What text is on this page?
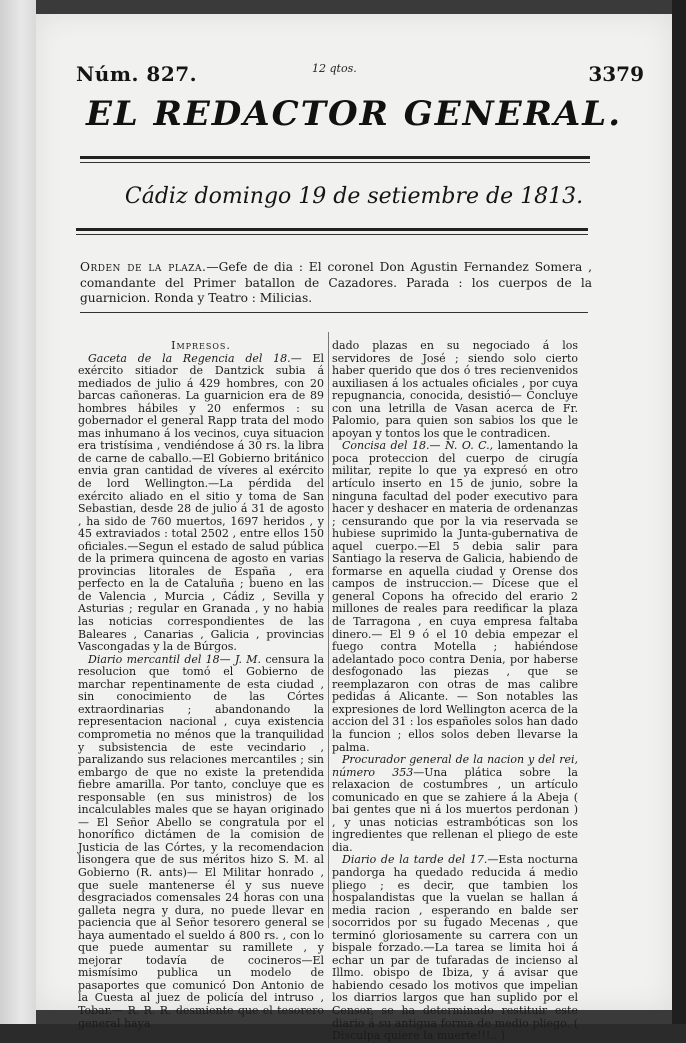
Núm. 827.	12 qtos.	3379
EL REDACTOR GENERAL.
Cádiz domingo 19 de setiembre de 1813.
Orden de la plaza.—Gefe de dia : El coronel Don Agustin Fernandez Somera , comandante del Primer batallon de Cazadores. Parada : los cuerpos de la guarnicion. Ronda y Teatro : Milicias.

Impresos.

Gaceta de la Regencia del 18.— El exército sitiador de Dantzick subia á mediados de julio á 429 hombres, con 20 barcas cañoneras. La guarnicion era de 89 hombres hábiles y 20 enfermos : su gobernador el general Rapp trata del modo mas inhumano á los vecinos, cuya situacion era tristísima , vendiéndose á 30 rs. la libra de carne de caballo.—El Gobierno británico envia gran cantidad de víveres al exército de lord Wellington.—La pérdida del exército aliado en el sitio y toma de San Sebastian, desde 28 de julio á 31 de agosto , ha sido de 760 muertos, 1697 heridos , y 45 extraviados : total 2502 , entre ellos 150 oficiales.—Segun el estado de salud pública de la primera quincena de agosto en varias provincias litorales de España , era perfecto en la de Cataluña ; bueno en las de Valencia , Murcia , Cádiz , Sevilla y Asturias ; regular en Granada , y no habia las noticias correspondientes de las Baleares , Canarias , Galicia , provincias Vascongadas y la de Búrgos.

Diario mercantil del 18— J. M. censura la resolucion que tomó el Gobierno de marchar repentinamente de esta ciudad , sin conocimiento de las Córtes extraordinarias ; abandonando la representacion nacional , cuya existencia comprometia no ménos que la tranquilidad y subsistencia de este vecindario , paralizando sus relaciones mercantiles ; sin embargo de que no existe la pretendida fiebre amarilla. Por tanto, concluye que es responsable (en sus ministros) de los incalculables males que se hayan originado— El Señor Abello se congratula por el honorífico dictámen de la comision de Justicia de las Córtes, y la recomendacion lisongera que de sus méritos hizo S. M. al Gobierno (R. ants)— El Militar honrado , que suele mantenerse él y sus nueve desgraciados comensales 24 horas con una galleta negra y dura, no puede llevar en paciencia que al Señor tesorero general se haya aumentado el sueldo á 800 rs. , con lo que puede aumentar su ramillete , y mejorar todavía de cocineros—El mismísimo publica un modelo de pasaportes que comunicó Don Antonio de la Cuesta al juez de policía del intruso , Tobar.— R. R. R. desmiente que el tesorero general haya

dado plazas en su negociado á los servidores de José ; siendo solo cierto haber querido que dos ó tres recienvenidos auxiliasen á los actuales oficiales , por cuya repugnancia, conocida, desistió— Concluye con una letrilla de Vasan acerca de Fr. Palomio, para quien son sabios los que le apoyan y tontos los que le contradicen.

Concisa del 18.— N. O. C., lamentando la poca proteccion del cuerpo de cirugía militar, repite lo que ya expresó en otro artículo inserto en 15 de junio, sobre la ninguna facultad del poder executivo para hacer y deshacer en materia de ordenanzas ; censurando que por la via reservada se hubiese suprimido la Junta-gubernativa de aquel cuerpo.—El 5 debia salir para Santiago la reserva de Galicia, habiendo de formarse en aquella ciudad y Orense dos campos de instruccion.— Dícese que el general Copons ha ofrecido del erario 2 millones de reales para reedificar la plaza de Tarragona , en cuya empresa faltaba dinero.— El 9 ó el 10 debia empezar el fuego contra Motella ; habiéndose adelantado poco contra Denia, por haberse desfogonado las piezas , que se reemplazaron con otras de mas calibre pedidas á Alicante. — Son notables las expresiones de lord Wellington acerca de la accion del 31 : los españoles solos han dado la funcion ; ellos solos deben llevarse la palma.

Procurador general de la nacion y del rei, número 353—Una plática sobre la relaxacion de costumbres , un artículo comunicado en que se zahiere á la Abeja ( bai gentes que ni á los muertos perdonan ) , y unas noticias estrambóticas son los ingredientes que rellenan el pliego de este dia.

Diario de la tarde del 17.—Esta nocturna pandorga ha quedado reducida á medio pliego ; es decir, que tambien los hospalandistas que la vuelan se hallan á media racion , esperando en balde ser socorridos por su fugado Mecenas , que terminó gloriosamente su carrera con un bispale forzado.—La tarea se limita hoi á echar un par de tufaradas de incienso al Illmo. obispo de Ibiza, y á avisar que habiendo cesado los motivos que impelian los diarrios largos que han suplido por el Censor, se ha determinado restituir este diario á su antigua forma de medio pliego. ( Disculpa quiere la muerte!!!.. )
